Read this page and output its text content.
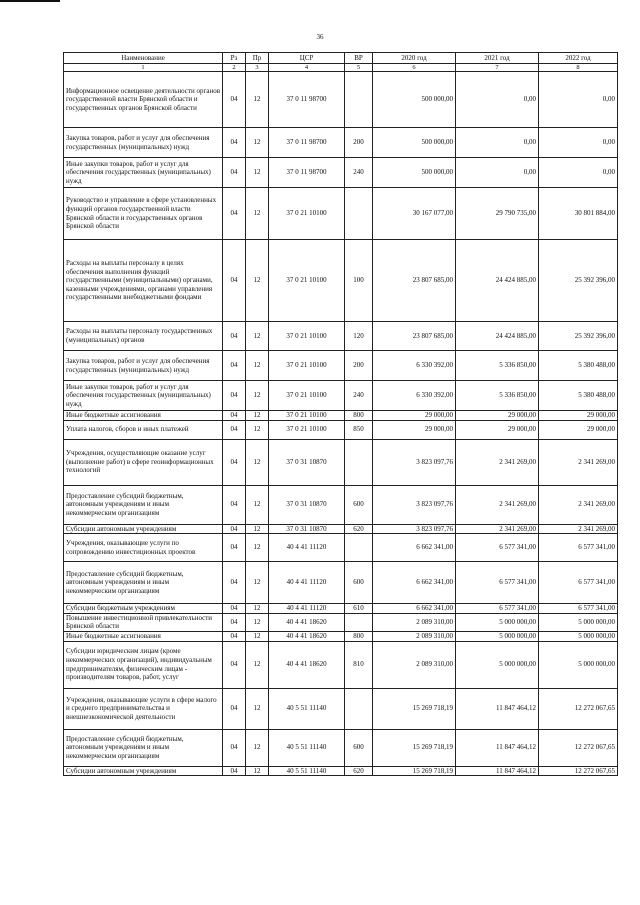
36
Наименование	Рз	Пр	ЦСР	ВР	2020 год	2021 год	2022 год
1	2	3	4	5	6	7	8
Информационное освещение деятельности органов государственной власти Брянской области и государственных органов Брянской области	04	12	37 0 11 98700		500 000,00	0,00	0,00
Закупка товаров, работ и услуг для обеспечения государственных (муниципальных) нужд	04	12	37 0 11 98700	200	500 000,00	0,00	0,00
Иные закупки товаров, работ и услуг для обеспечения государственных (муниципальных) нужд	04	12	37 0 11 98700	240	500 000,00	0,00	0,00
Руководство и управление в сфере установленных функций органов государственной власти Брянской области и государственных органов Брянской области	04	12	37 0 21 10100		30 167 077,00	29 790 735,00	30 801 884,00
Расходы на выплаты персоналу в целях обеспечения выполнения функций государственными (муниципальными) органами, казенными учреждениями, органами управления государственными внебюджетными фондами	04	12	37 0 21 10100	100	23 807 685,00	24 424 885,00	25 392 396,00
Расходы на выплаты персоналу государственных (муниципальных) органов	04	12	37 0 21 10100	120	23 807 685,00	24 424 885,00	25 392 396,00
Закупка товаров, работ и услуг для обеспечения государственных (муниципальных) нужд	04	12	37 0 21 10100	200	6 330 392,00	5 336 850,00	5 380 488,00
Иные закупки товаров, работ и услуг для обеспечения государственных (муниципальных) нужд	04	12	37 0 21 10100	240	6 330 392,00	5 336 850,00	5 380 488,00
Иные бюджетные ассигнования	04	12	37 0 21 10100	800	29 000,00	29 000,00	29 000,00
Уплата налогов, сборов и иных платежей	04	12	37 0 21 10100	850	29 000,00	29 000,00	29 000,00
Учреждения, осуществляющие оказание услуг (выполнение работ) в сфере геоинформационных технологий	04	12	37 0 31 10870		3 823 097,76	2 341 269,00	2 341 269,00
Предоставление субсидий бюджетным, автономным учреждениям и иным некоммерческим организациям	04	12	37 0 31 10870	600	3 823 097,76	2 341 269,00	2 341 269,00
Субсидии автономным учреждениям	04	12	37 0 31 10870	620	3 823 097,76	2 341 269,00	2 341 269,00
Учреждения, оказывающие услуги по сопровождению инвестиционных проектов	04	12	40 4 41 11120		6 662 341,00	6 577 341,00	6 577 341,00
Предоставление субсидий бюджетным, автономным учреждениям и иным некоммерческим организациям	04	12	40 4 41 11120	600	6 662 341,00	6 577 341,00	6 577 341,00
Субсидии бюджетным учреждениям	04	12	40 4 41 11120	610	6 662 341,00	6 577 341,00	6 577 341,00
Повышение инвестиционной привлекательности Брянской области	04	12	40 4 41 18620		2 089 310,00	5 000 000,00	5 000 000,00
Иные бюджетные ассигнования	04	12	40 4 41 18620	800	2 089 310,00	5 000 000,00	5 000 000,00
Субсидии юридическим лицам (кроме некоммерческих организаций), индивидуальным предпринимателям, физическим лицам - производителям товаров, работ, услуг	04	12	40 4 41 18620	810	2 089 310,00	5 000 000,00	5 000 000,00
Учреждения, оказывающие услуги в сфере малого и среднего предпринимательства и внешнеэкономической деятельности	04	12	40 5 51 11140		15 269 718,19	11 847 464,12	12 272 067,65
Предоставление субсидий бюджетным, автономным учреждениям и иным некоммерческим организациям	04	12	40 5 51 11140	600	15 269 718,19	11 847 464,12	12 272 067,65
Субсидии автономным учреждениям	04	12	40 5 51 11140	620	15 269 718,19	11 847 464,12	12 272 067,65
